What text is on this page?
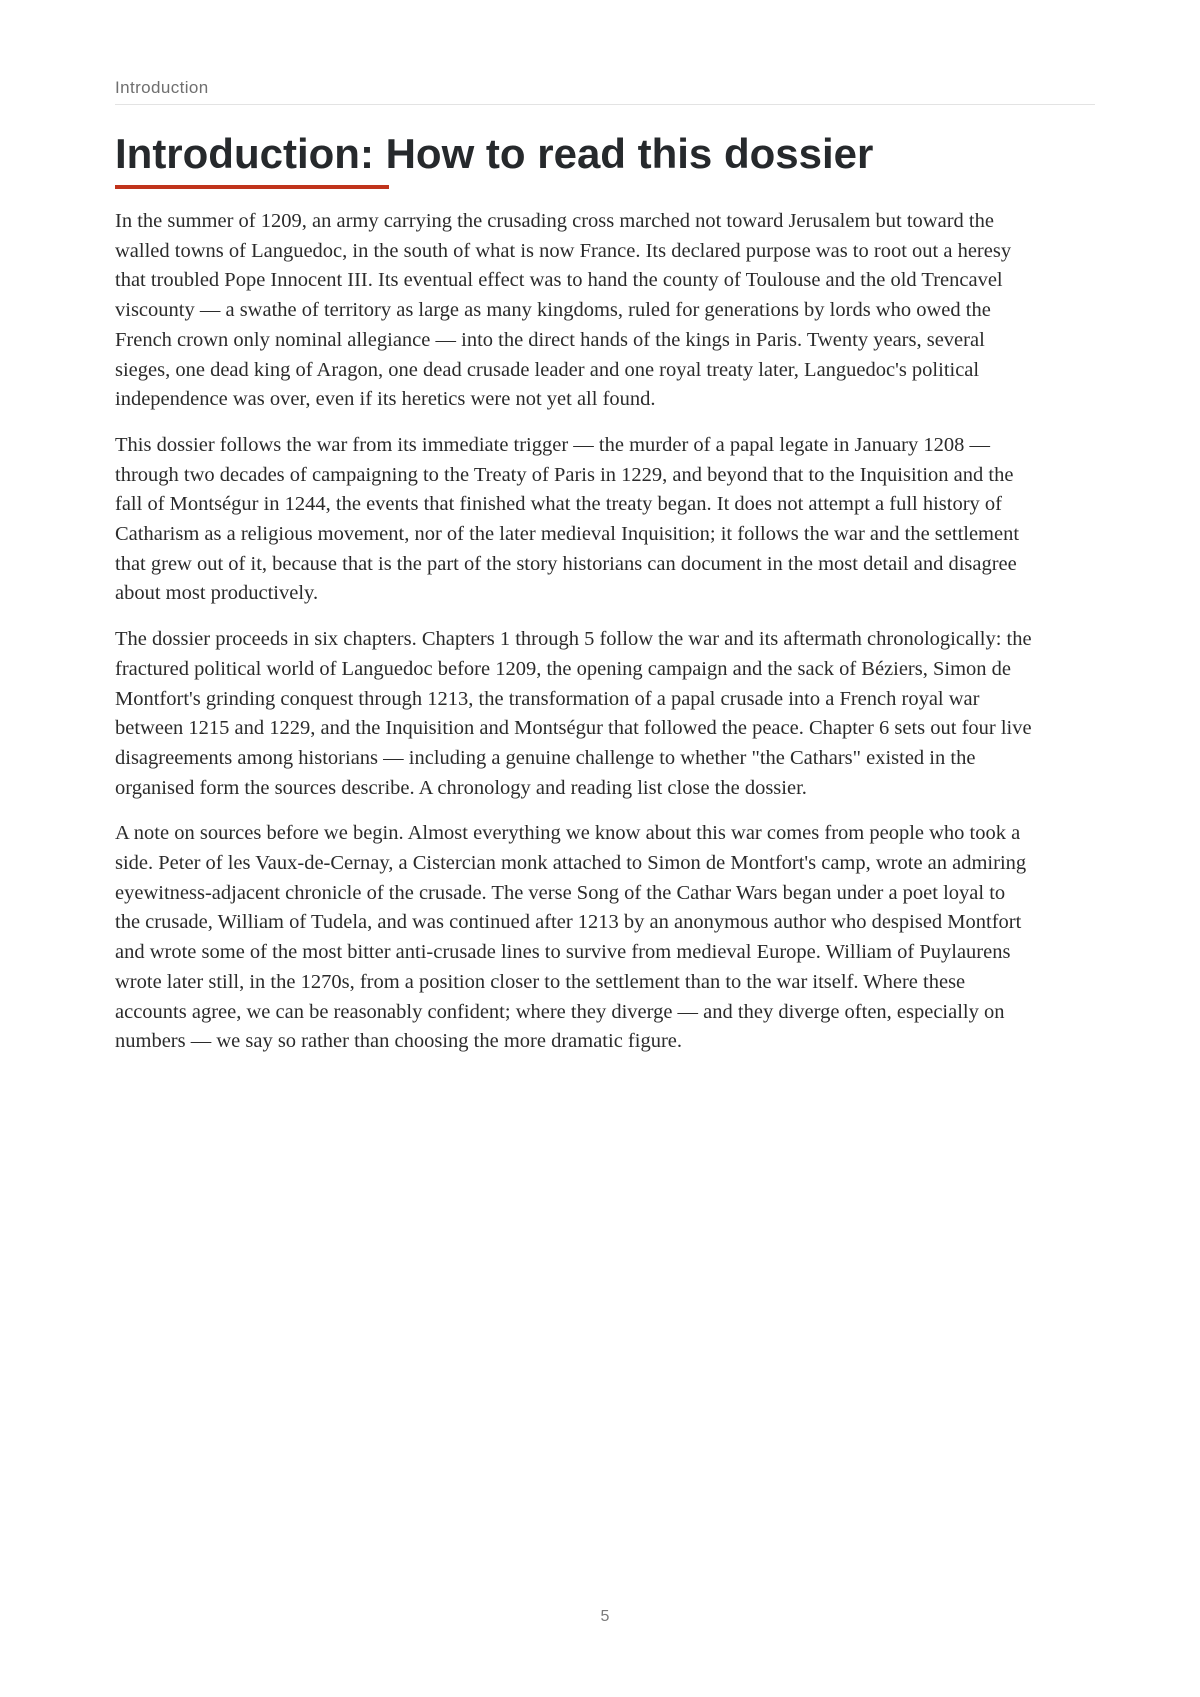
Introduction
Introduction: How to read this dossier

In the summer of 1209, an army carrying the crusading cross marched not toward Jerusalem but toward the walled towns of Languedoc, in the south of what is now France. Its declared purpose was to root out a heresy that troubled Pope Innocent III. Its eventual effect was to hand the county of Toulouse and the old Trencavel viscounty — a swathe of territory as large as many kingdoms, ruled for generations by lords who owed the French crown only nominal allegiance — into the direct hands of the kings in Paris. Twenty years, several sieges, one dead king of Aragon, one dead crusade leader and one royal treaty later, Languedoc's political independence was over, even if its heretics were not yet all found.

This dossier follows the war from its immediate trigger — the murder of a papal legate in January 1208 — through two decades of campaigning to the Treaty of Paris in 1229, and beyond that to the Inquisition and the fall of Montségur in 1244, the events that finished what the treaty began. It does not attempt a full history of Catharism as a religious movement, nor of the later medieval Inquisition; it follows the war and the settlement that grew out of it, because that is the part of the story historians can document in the most detail and disagree about most productively.

The dossier proceeds in six chapters. Chapters 1 through 5 follow the war and its aftermath chronologically: the fractured political world of Languedoc before 1209, the opening campaign and the sack of Béziers, Simon de Montfort's grinding conquest through 1213, the transformation of a papal crusade into a French royal war between 1215 and 1229, and the Inquisition and Montségur that followed the peace. Chapter 6 sets out four live disagreements among historians — including a genuine challenge to whether "the Cathars" existed in the organised form the sources describe. A chronology and reading list close the dossier.

A note on sources before we begin. Almost everything we know about this war comes from people who took a side. Peter of les Vaux-de-Cernay, a Cistercian monk attached to Simon de Montfort's camp, wrote an admiring eyewitness-adjacent chronicle of the crusade. The verse Song of the Cathar Wars began under a poet loyal to the crusade, William of Tudela, and was continued after 1213 by an anonymous author who despised Montfort and wrote some of the most bitter anti-crusade lines to survive from medieval Europe. William of Puylaurens wrote later still, in the 1270s, from a position closer to the settlement than to the war itself. Where these accounts agree, we can be reasonably confident; where they diverge — and they diverge often, especially on numbers — we say so rather than choosing the more dramatic figure.

5
